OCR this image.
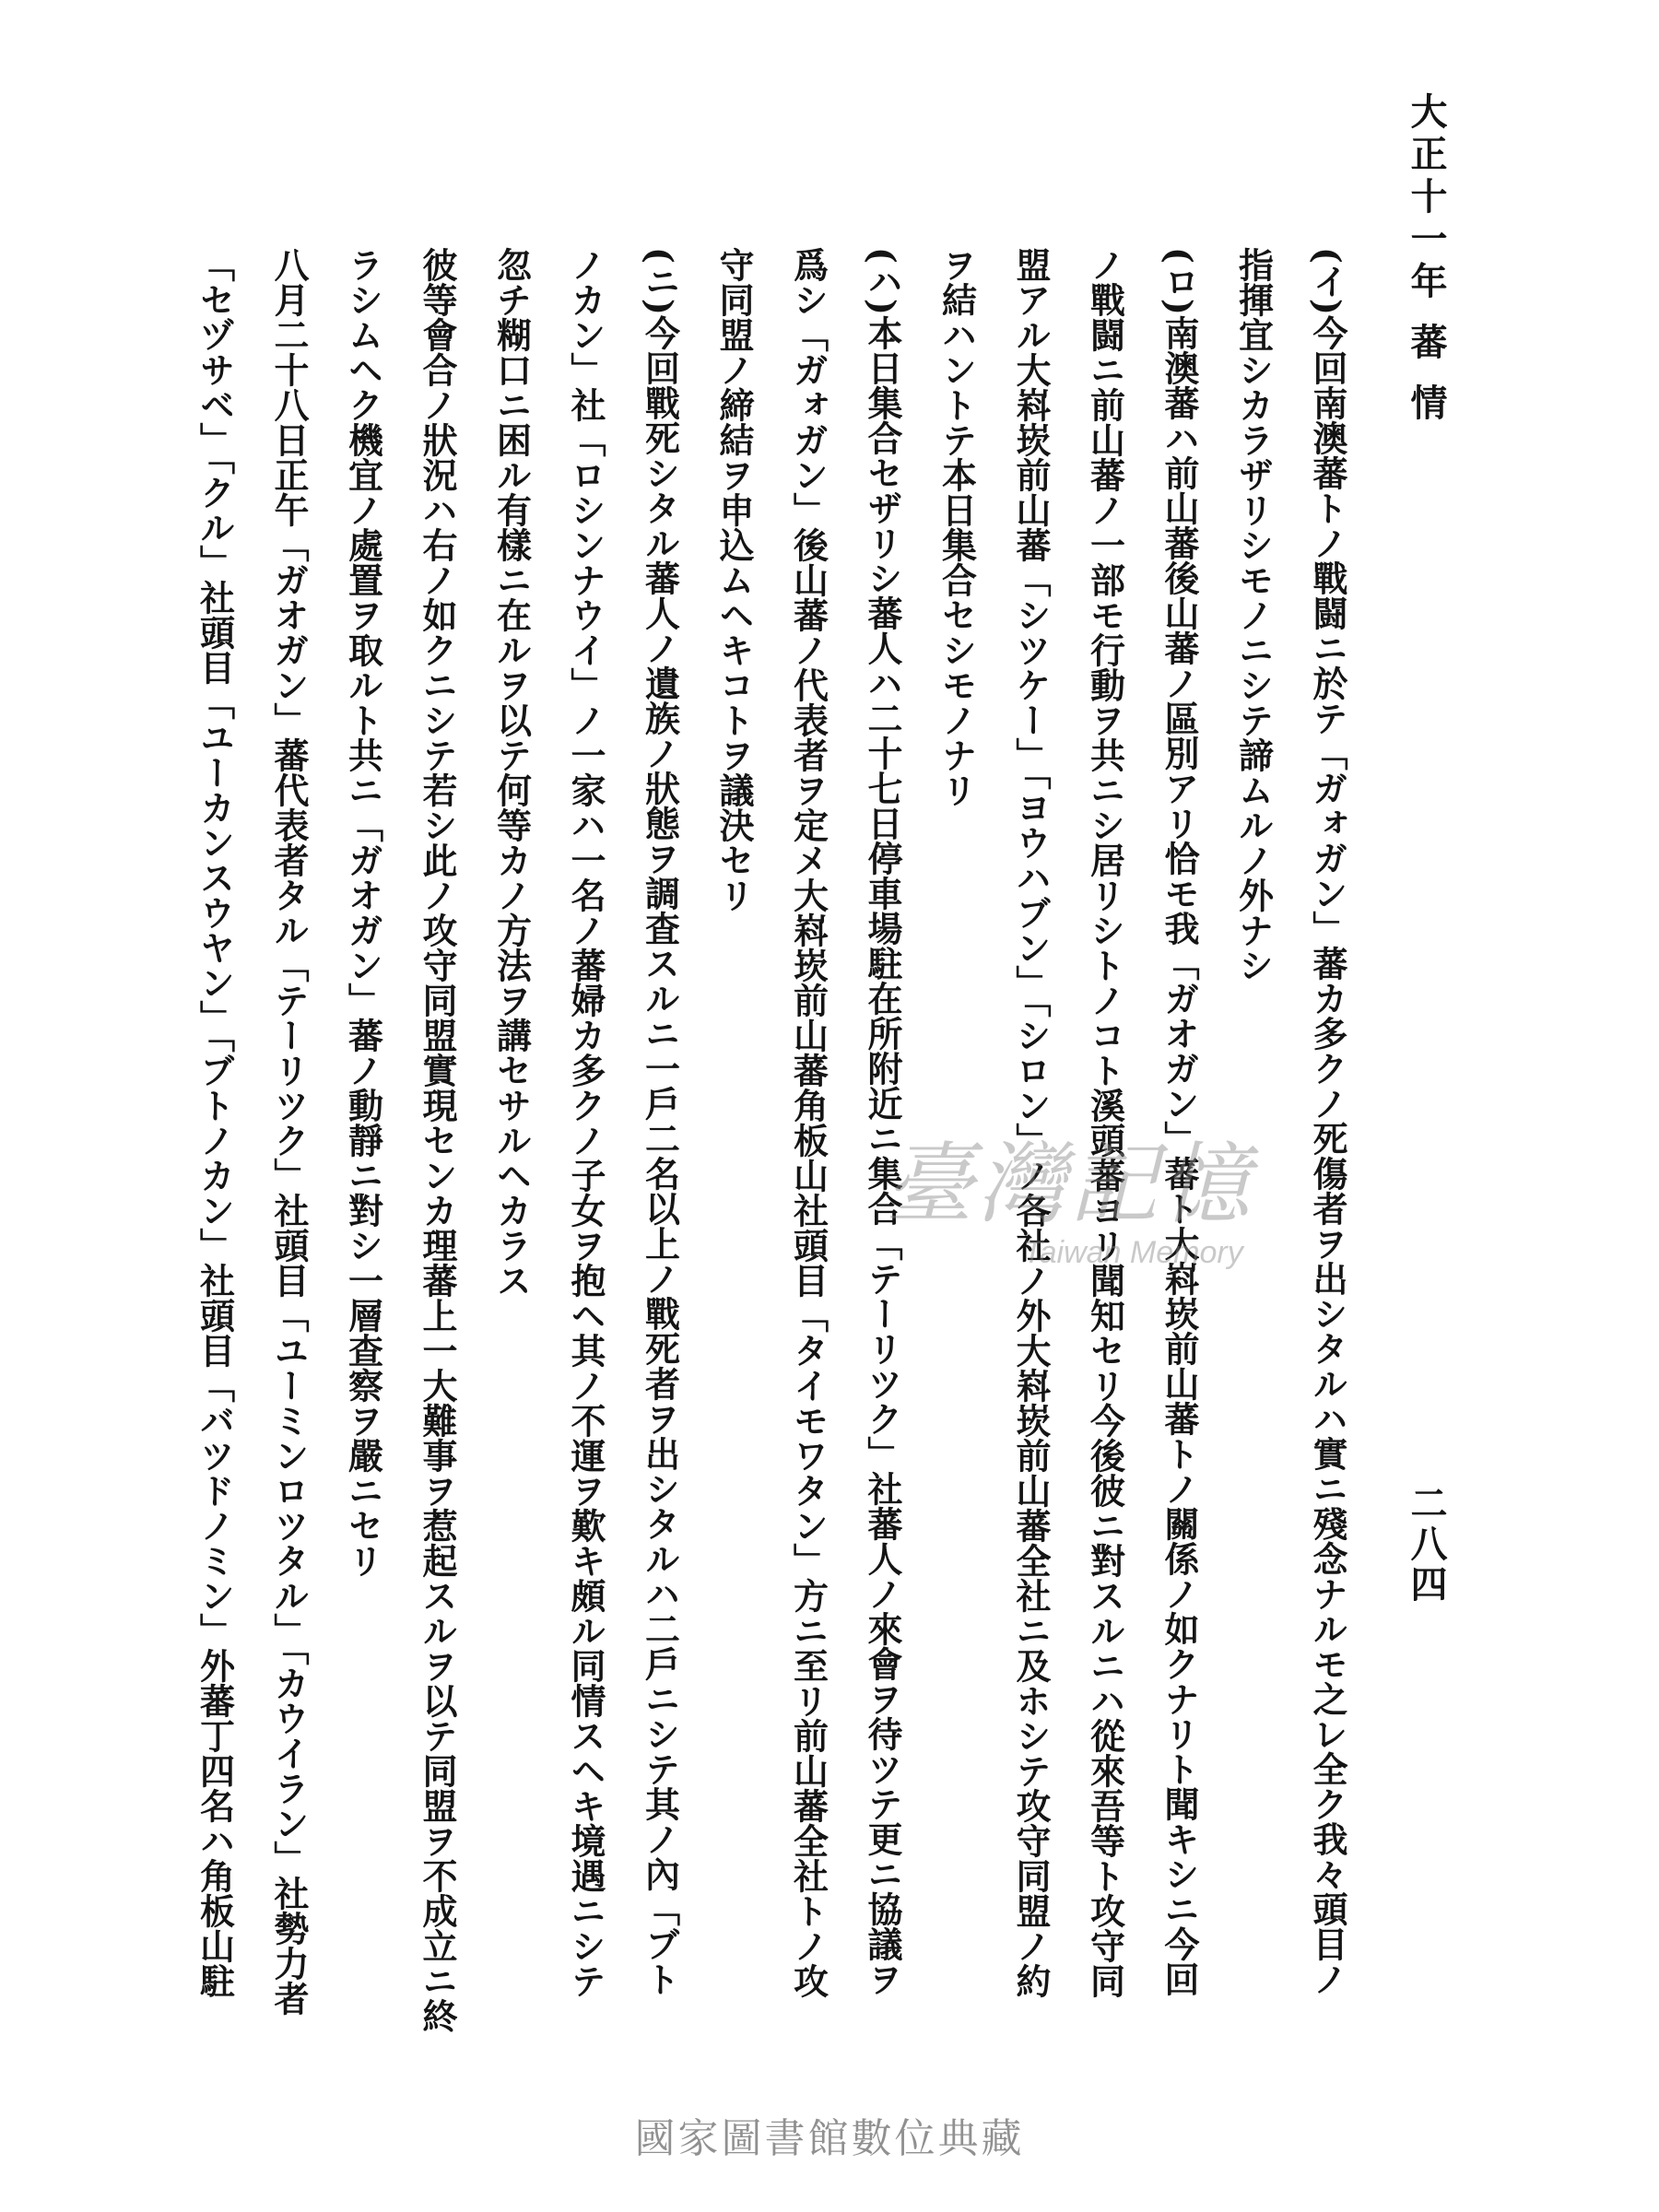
大正十一年 蕃 情
二八四

(イ)今回南澳蕃トノ戰闘ニ於テ「ガォガン」蕃カ多クノ死傷者ヲ出シタルハ實ニ殘念ナルモ之レ全ク我々頭目ノ

指揮宜シカラザリシモノニシテ諦ムルノ外ナシ

(ロ)南澳蕃ハ前山蕃後山蕃ノ區別アリ恰モ我「ガオガン」蕃ト大嵙崁前山蕃トノ關係ノ如クナリト聞キシニ今回

ノ戰闘ニ前山蕃ノ一部モ行動ヲ共ニシ居リシトノコト溪頭蕃ヨリ聞知セリ今後彼ニ對スルニハ從來吾等ト攻守同

盟アル大嵙崁前山蕃「シツケー」「ヨウハブン」「シロン」ノ各社ノ外大嵙崁前山蕃全社ニ及ホシテ攻守同盟ノ約

ヲ結ハントテ本日集合セシモノナリ

(ハ)本日集合セザリシ蕃人ハ二十七日停車場駐在所附近ニ集合「テーリツク」社蕃人ノ來會ヲ待ツテ更ニ協議ヲ

爲シ「ガォガン」後山蕃ノ代表者ヲ定メ大嵙崁前山蕃角板山社頭目「タイモワタン」方ニ至リ前山蕃全社トノ攻

守同盟ノ締結ヲ申込ムヘキコトヲ議決セリ

(ニ)今回戰死シタル蕃人ノ遺族ノ狀態ヲ調査スルニ一戶二名以上ノ戰死者ヲ出シタルハ二戶ニシテ其ノ內「ブト

ノカン」社「ロシンナウイ」ノ一家ハ一名ノ蕃婦カ多クノ子女ヲ抱ヘ其ノ不運ヲ歎キ頗ル同情スヘキ境遇ニシテ

忽チ糊口ニ困ル有樣ニ在ルヲ以テ何等カノ方法ヲ講セサルヘカラス

彼等會合ノ狀況ハ右ノ如クニシテ若シ此ノ攻守同盟實現センカ理蕃上一大難事ヲ惹起スルヲ以テ同盟ヲ不成立ニ終

ラシムヘク機宜ノ處置ヲ取ルト共ニ「ガオガン」蕃ノ動靜ニ對シ一層查察ヲ嚴ニセリ

八月二十八日正午「ガオガン」蕃代表者タル「テーリツク」社頭目「ユーミンロツタル」「カウイラン」社勢力者

「セヅサベ」「クル」社頭目「ユーカンスウヤン」「ブトノカン」社頭目「バツドノミン」外蕃丁四名ハ角板山駐	臺灣記憶
Taiwan Memory
國家圖書館數位典藏
